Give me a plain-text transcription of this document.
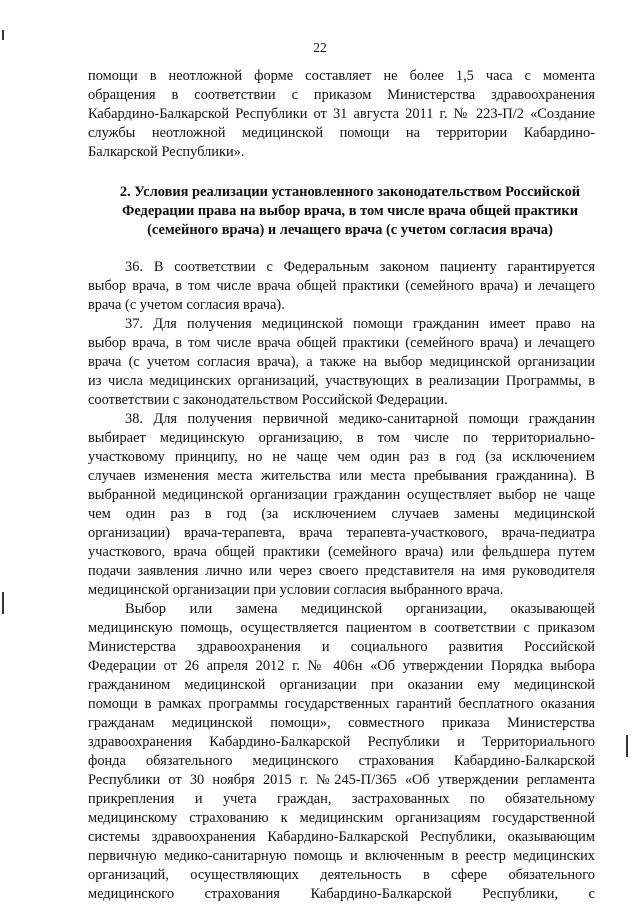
22
помощи в неотложной форме составляет не более 1,5 часа с момента
обращения в соответствии с приказом Министерства здравоохранения
Кабардино-Балкарской Республики от 31 августа 2011 г. № 223-П/2 «Создание
службы неотложной медицинской помощи на территории Кабардино-
Балкарской Республики».
2. Условия реализации установленного законодательством Российской
Федерации права на выбор врача, в том числе врача общей практики
(семейного врача) и лечащего врача (с учетом согласия врача)
36. В соответствии с Федеральным законом пациенту гарантируется
выбор врача, в том числе врача общей практики (семейного врача) и лечащего
врача (с учетом согласия врача).
37. Для получения медицинской помощи гражданин имеет право на
выбор врача, в том числе врача общей практики (семейного врача) и лечащего
врача (с учетом согласия врача), а также на выбор медицинской организации
из числа медицинских организаций, участвующих в реализации Программы, в
соответствии с законодательством Российской Федерации.
38. Для получения первичной медико-санитарной помощи гражданин
выбирает медицинскую организацию, в том числе по территориально-
участковому принципу, но не чаще чем один раз в год (за исключением
случаев изменения места жительства или места пребывания гражданина). В
выбранной медицинской организации гражданин осуществляет выбор не чаще
чем один раз в год (за исключением случаев замены медицинской
организации) врача-терапевта, врача терапевта-участкового, врача-педиатра
участкового, врача общей практики (семейного врача) или фельдшера путем
подачи заявления лично или через своего представителя на имя руководителя
медицинской организации при условии согласия выбранного врача.
Выбор или замена медицинской организации, оказывающей
медицинскую помощь, осуществляется пациентом в соответствии с приказом
Министерства здравоохранения и социального развития Российской
Федерации от 26 апреля 2012 г. № 406н «Об утверждении Порядка выбора
гражданином медицинской организации при оказании ему медицинской
помощи в рамках программы государственных гарантий бесплатного оказания
гражданам медицинской помощи», совместного приказа Министерства
здравоохранения Кабардино-Балкарской Республики и Территориального
фонда обязательного медицинского страхования Кабардино-Балкарской
Республики от 30 ноября 2015 г. №245-П/365 «Об утверждении регламента
прикрепления и учета граждан, застрахованных по обязательному
медицинскому страхованию к медицинским организациям государственной
системы здравоохранения Кабардино-Балкарской Республики, оказывающим
первичную медико-санитарную помощь и включенным в реестр медицинских
организаций, осуществляющих деятельность в сфере обязательного
медицинского страхования Кабардино-Балкарской Республики, с
